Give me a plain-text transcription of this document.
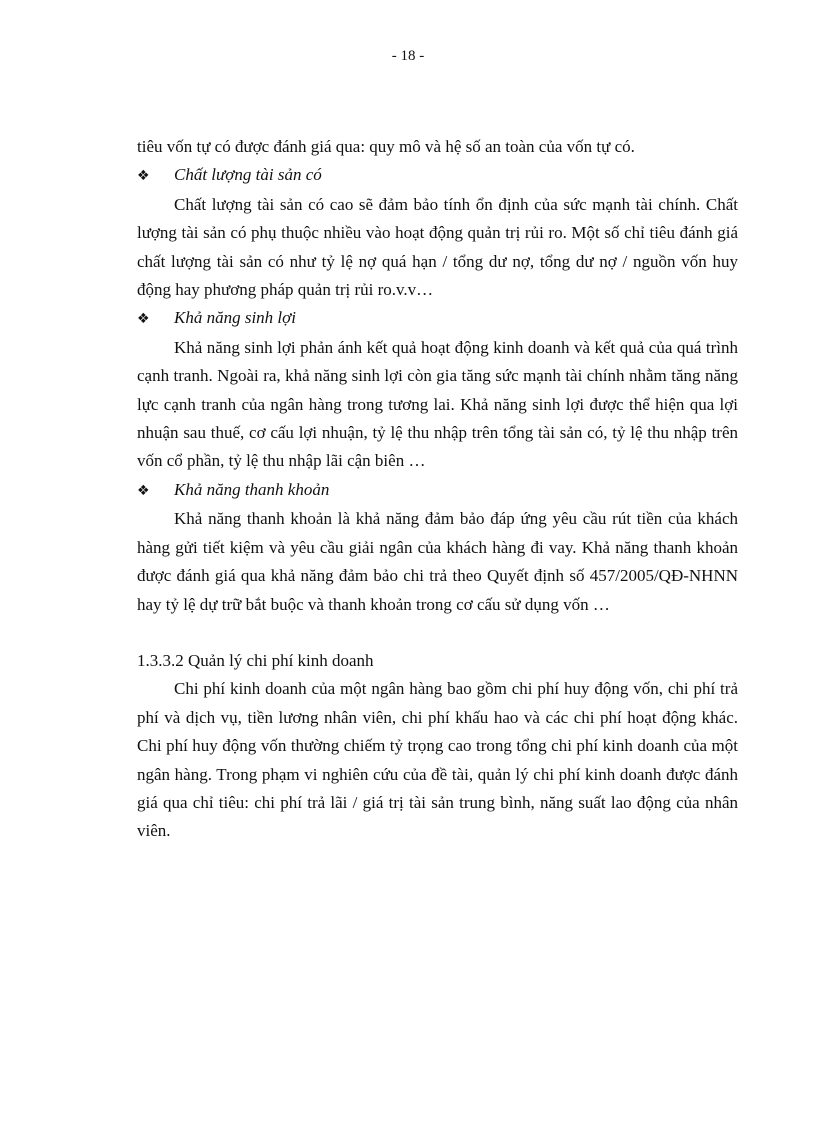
- 18 -

tiêu vốn tự có được đánh giá qua: quy mô và hệ số an toàn của vốn tự có.

❖	Chất lượng tài sản có

Chất lượng tài sản có cao sẽ đảm bảo tính ổn định của sức mạnh tài chính. Chất lượng tài sản có phụ thuộc nhiều vào hoạt động quản trị rủi ro. Một số chỉ tiêu đánh giá chất lượng tài sản có như tỷ lệ nợ quá hạn / tổng dư nợ, tổng dư nợ / nguồn vốn huy động hay phương pháp quản trị rủi ro.v.v…

❖	Khả năng sinh lợi

Khả năng sinh lợi phản ánh kết quả hoạt động kinh doanh và kết quả của quá trình cạnh tranh. Ngoài ra, khả năng sinh lợi còn gia tăng sức mạnh tài chính nhằm tăng năng lực cạnh tranh của ngân hàng trong tương lai. Khả năng sinh lợi được thể hiện qua lợi nhuận sau thuế, cơ cấu lợi nhuận, tỷ lệ thu nhập trên tổng tài sản có, tỷ lệ thu nhập trên vốn cổ phần, tỷ lệ thu nhập lãi cận biên …

❖	Khả năng thanh khoản

Khả năng thanh khoản là khả năng đảm bảo đáp ứng yêu cầu rút tiền của khách hàng gửi tiết kiệm và yêu cầu giải ngân của khách hàng đi vay. Khả năng thanh khoản được đánh giá qua khả năng đảm bảo chi trả theo Quyết định số 457/2005/QĐ-NHNN hay tỷ lệ dự trữ bắt buộc và thanh khoản trong cơ cấu sử dụng vốn …

1.3.3.2 Quản lý chi phí kinh doanh

Chi phí kinh doanh của một ngân hàng bao gồm chi phí huy động vốn, chi phí trả phí và dịch vụ, tiền lương nhân viên, chi phí khấu hao và các chi phí hoạt động khác. Chi phí huy động vốn thường chiếm tỷ trọng cao trong tổng chi phí kinh doanh của một ngân hàng. Trong phạm vi nghiên cứu của đề tài, quản lý chi phí kinh doanh được đánh giá qua chỉ tiêu: chi phí trả lãi / giá trị tài sản trung bình, năng suất lao động của nhân viên.
